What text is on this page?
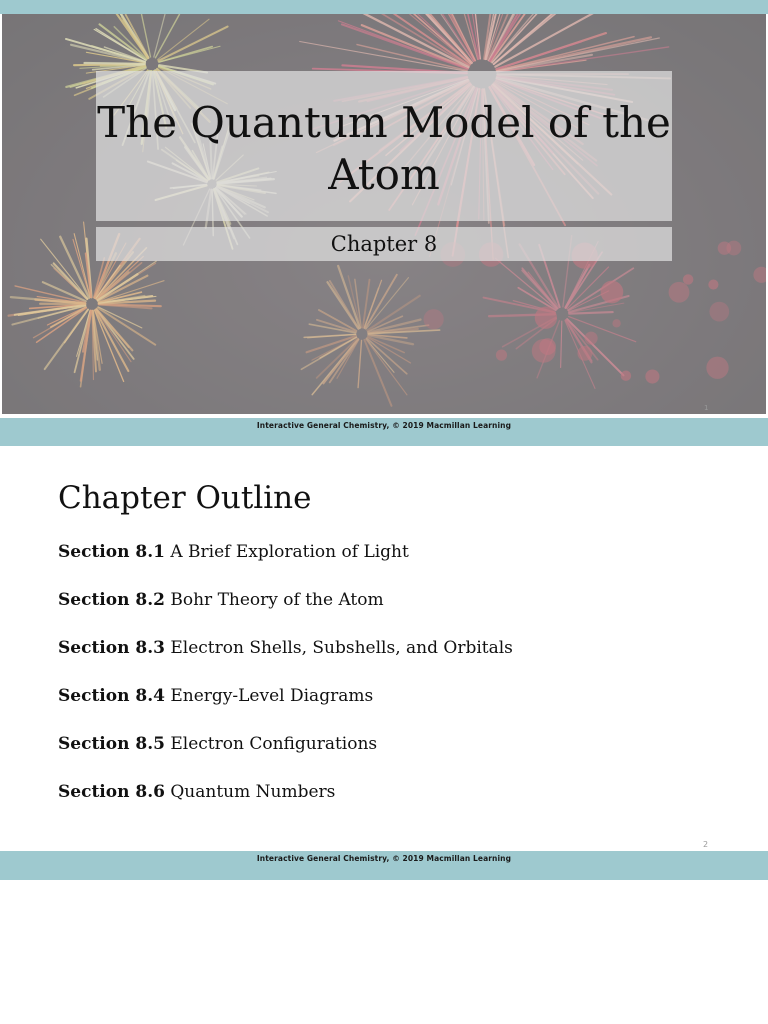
The Quantum Model of the Atom
Chapter 8
1
Interactive General Chemistry, © 2019 Macmillan Learning
Chapter Outline
Section 8.1 A Brief Exploration of Light
Section 8.2 Bohr Theory of the Atom
Section 8.3 Electron Shells, Subshells, and Orbitals
Section 8.4 Energy-Level Diagrams
Section 8.5 Electron Configurations
Section 8.6 Quantum Numbers
2
Interactive General Chemistry, © 2019 Macmillan Learning
